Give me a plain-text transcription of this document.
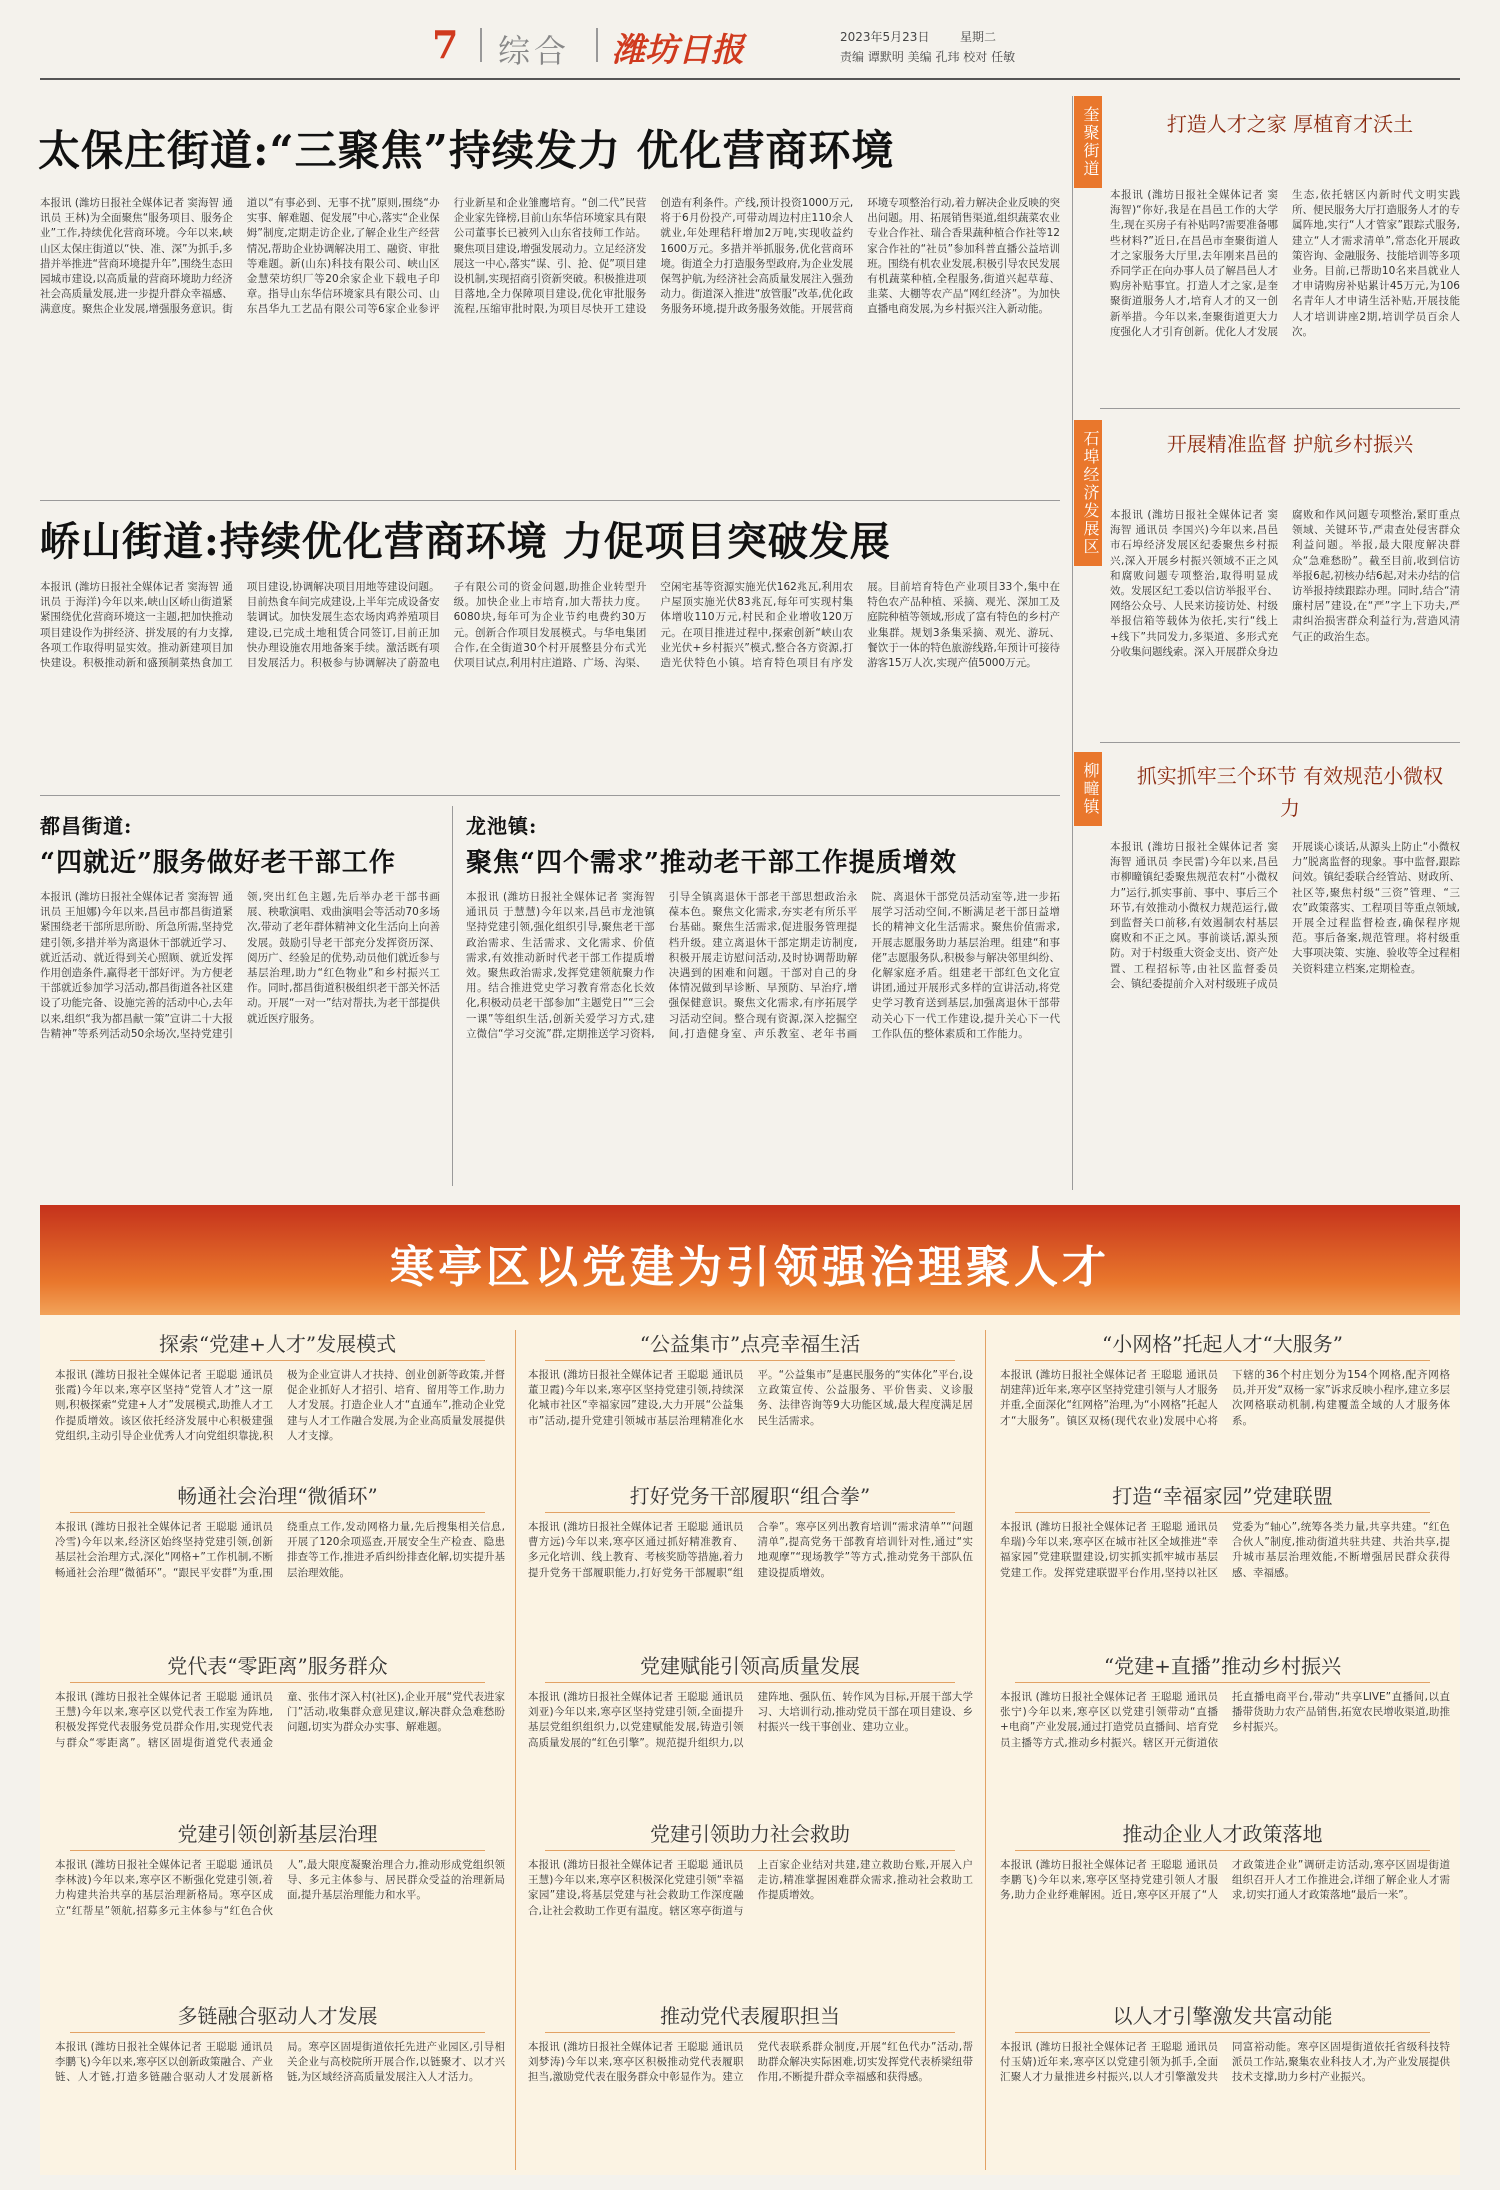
7 综合 潍坊日报	2023年5月23日	星期二
责编 谭默明 美编 孔玮 校对 任敏
太保庄街道:“三聚焦”持续发力 优化营商环境
本报讯 (潍坊日报社全媒体记者 窦海智 通讯员 王林)为全面聚焦“服务项目、服务企业”工作,持续优化营商环境。今年以来,峡山区太保庄街道以“快、准、深”为抓手,多措并举推进“营商环境提升年”,围绕生态田园城市建设,以高质量的营商环境助力经济社会高质量发展,进一步提升群众幸福感、满意度。聚焦企业发展,增强服务意识。街道以“有事必到、无事不扰”原则,围绕“办实事、解难题、促发展”中心,落实“企业保姆”制度,定期走访企业,了解企业生产经营情况,帮助企业协调解决用工、融资、审批等难题。新(山东)科技有限公司、峡山区金慧荣坊织厂等20余家企业下载电子印章。指导山东华信环境家具有限公司、山东昌华九工艺品有限公司等6家企业参评行业新星和企业雏鹰培育。“创二代”民营企业家先锋榜,目前山东华信环境家具有限公司董事长已被列入山东省技师工作站。聚焦项目建设,增强发展动力。立足经济发展这一中心,落实“谋、引、抢、促”项目建设机制,实现招商引资新突破。积极推进项目落地,全力保障项目建设,优化审批服务流程,压缩审批时限,为项目尽快开工建设创造有利条件。产线,预计投资1000万元,将于6月份投产,可带动周边村庄110余人就业,年处理秸秆增加2万吨,实现收益约1600万元。多措并举抓服务,优化营商环境。街道全力打造服务型政府,为企业发展保驾护航,为经济社会高质量发展注入强劲动力。街道深入推进“放管服”改革,优化政务服务环境,提升政务服务效能。开展营商环境专项整治行动,着力解决企业反映的突出问题。用、拓展销售渠道,组织蔬菜农业专业合作社、瑞合香果蔬种植合作社等12家合作社的“社员”参加科普直播公益培训班。围绕有机农业发展,积极引导农民发展有机蔬菜种植,全程服务,街道兴起草莓、韭菜、大棚等农产品“网红经济”。为加快直播电商发展,为乡村振兴注入新动能。
峤山街道:持续优化营商环境 力促项目突破发展
本报讯 (潍坊日报社全媒体记者 窦海智 通讯员 于海洋)今年以来,峡山区峤山街道紧紧围绕优化营商环境这一主题,把加快推动项目建设作为拼经济、拼发展的有力支撑,各项工作取得明显实效。推动新建项目加快建设。积极推动新和盛预制菜热食加工项目建设,协调解决项目用地等建设问题。目前热食车间完成建设,上半年完成设备安装调试。加快发展生态农场肉鸡养殖项目建设,已完成土地租赁合同签订,目前正加快办理设施农用地备案手续。激活既有项目发展活力。积极参与协调解决了蔚盈电子有限公司的资金问题,助推企业转型升级。加快企业上市培育,加大帮扶力度。6080块,每年可为企业节约电费约30万元。创新合作项目发展模式。与华电集团合作,在全街道30个村开展整县分布式光伏项目试点,利用村庄道路、广场、沟渠、空闲宅基等资源实施光伏162兆瓦,利用农户屋顶实施光伏83兆瓦,每年可实现村集体增收110万元,村民和企业增收120万元。在项目推进过程中,探索创新“峡山农业光伏+乡村振兴”模式,整合各方资源,打造光伏特色小镇。培育特色项目有序发展。目前培育特色产业项目33个,集中在特色农产品种植、采摘、观光、深加工及庭院种植等领域,形成了富有特色的乡村产业集群。规划3条集采摘、观光、游玩、餐饮于一体的特色旅游线路,年预计可接待游客15万人次,实现产值5000万元。
都昌街道:
“四就近”服务做好老干部工作
本报讯 (潍坊日报社全媒体记者 窦海智 通讯员 王旭娜)今年以来,昌邑市都昌街道紧紧围绕老干部所思所盼、所急所需,坚持党建引领,多措并举为离退休干部就近学习、就近活动、就近得到关心照顾、就近发挥作用创造条件,赢得老干部好评。为方便老干部就近参加学习活动,都昌街道各社区建设了功能完备、设施完善的活动中心,去年以来,组织“我为都昌献一策”宣讲二十大报告精神”等系列活动50余场次,坚持党建引领,突出红色主题,先后举办老干部书画展、秧歌演唱、戏曲演唱会等活动70多场次,带动了老年群体精神文化生活向上向善发展。鼓励引导老干部充分发挥资历深、阅历广、经验足的优势,动员他们就近参与基层治理,助力“红色物业”和乡村振兴工作。同时,都昌街道积极组织老干部关怀活动。开展“一对一”结对帮扶,为老干部提供就近医疗服务。
龙池镇:
聚焦“四个需求”推动老干部工作提质增效
本报讯 (潍坊日报社全媒体记者 窦海智 通讯员 于慧慧)今年以来,昌邑市龙池镇坚持党建引领,强化组织引导,聚焦老干部政治需求、生活需求、文化需求、价值需求,有效推动新时代老干部工作提质增效。聚焦政治需求,发挥党建领航聚力作用。结合推进党史学习教育常态化长效化,积极动员老干部参加“主题党日”“三会一课”等组织生活,创新关爱学习方式,建立微信“学习交流”群,定期推送学习资料,引导全镇离退休干部老干部思想政治永葆本色。聚焦文化需求,夯实老有所乐平台基础。聚焦生活需求,促进服务管理提档升级。建立离退休干部定期走访制度,积极开展走访慰问活动,及时协调帮助解决遇到的困难和问题。干部对自己的身体情况做到早诊断、早预防、早治疗,增强保健意识。聚焦文化需求,有序拓展学习活动空间。整合现有资源,深入挖掘空间,打造健身室、声乐教室、老年书画院、离退休干部党员活动室等,进一步拓展学习活动空间,不断满足老干部日益增长的精神文化生活需求。聚焦价值需求,开展志愿服务助力基层治理。组建“和事佬”志愿服务队,积极参与解决邻里纠纷、化解家庭矛盾。组建老干部红色文化宣讲团,通过开展形式多样的宣讲活动,将党史学习教育送到基层,加强离退休干部带动关心下一代工作建设,提升关心下一代工作队伍的整体素质和工作能力。
奎聚街道	打造人才之家 厚植育才沃土
本报讯 (潍坊日报社全媒体记者 窦海智)“你好,我是在昌邑工作的大学生,现在买房子有补贴吗?需要准备哪些材料?”近日,在昌邑市奎聚街道人才之家服务大厅里,去年刚来昌邑的乔同学正在向办事人员了解昌邑人才购房补贴事宜。打造人才之家,是奎聚街道服务人才,培育人才的又一创新举措。今年以来,奎聚街道更大力度强化人才引育创新。优化人才发展生态,依托辖区内新时代文明实践所、便民服务大厅打造服务人才的专属阵地,实行“人才管家”跟踪式服务,建立“人才需求清单”,常态化开展政策咨询、金融服务、技能培训等多项业务。目前,已帮助10名来昌就业人才申请购房补贴累计45万元,为106名青年人才申请生活补贴,开展技能人才培训讲座2期,培训学员百余人次。
石埠经济发展区	开展精准监督 护航乡村振兴
本报讯 (潍坊日报社全媒体记者 窦海智 通讯员 李国兴)今年以来,昌邑市石埠经济发展区纪委聚焦乡村振兴,深入开展乡村振兴领域不正之风和腐败问题专项整治,取得明显成效。发展区纪工委以信访举报平台、网络公众号、人民来访接访处、村级举报信箱等载体为依托,实行“线上+线下”共同发力,多渠道、多形式充分收集问题线索。深入开展群众身边腐败和作风问题专项整治,紧盯重点领域、关键环节,严肃查处侵害群众利益问题。举报,最大限度解决群众“急难愁盼”。截至目前,收到信访举报6起,初核办结6起,对未办结的信访举报持续跟踪办理。同时,结合“清廉村居”建设,在“严”字上下功夫,严肃纠治损害群众利益行为,营造风清气正的政治生态。
柳疃镇	抓实抓牢三个环节 有效规范小微权力
本报讯 (潍坊日报社全媒体记者 窦海智 通讯员 李民雷)今年以来,昌邑市柳疃镇纪委聚焦规范农村“小微权力”运行,抓实事前、事中、事后三个环节,有效推动小微权力规范运行,做到监督关口前移,有效遏制农村基层腐败和不正之风。事前谈话,源头预防。对于村级重大资金支出、资产处置、工程招标等,由社区监督委员会、镇纪委提前介入对村级班子成员开展谈心谈话,从源头上防止“小微权力”脱离监督的现象。事中监督,跟踪问效。镇纪委联合经管站、财政所、社区等,聚焦村级“三资”管理、“三农”政策落实、工程项目等重点领域,开展全过程监督检查,确保程序规范。事后备案,规范管理。将村级重大事项决策、实施、验收等全过程相关资料建立档案,定期检查。
寒亭区以党建为引领强治理聚人才
探索“党建+人才”发展模式
本报讯 (潍坊日报社全媒体记者 王聪聪 通讯员 张霞)今年以来,寒亭区坚持“党管人才”这一原则,积极探索“党建+人才”发展模式,助推人才工作提质增效。该区依托经济发展中心积极建强党组织,主动引导企业优秀人才向党组织靠拢,积极为企业宣讲人才扶持、创业创新等政策,并督促企业抓好人才招引、培育、留用等工作,助力人才发展。打造企业人才“直通车”,推动企业党建与人才工作融合发展,为企业高质量发展提供人才支撑。
畅通社会治理“微循环”
本报讯 (潍坊日报社全媒体记者 王聪聪 通讯员 冷雪)今年以来,经济区始终坚持党建引领,创新基层社会治理方式,深化“网格+”工作机制,不断畅通社会治理“微循环”。“跟民平安群”为重,围绕重点工作,发动网格力量,先后搜集相关信息,开展了120余项巡查,开展安全生产检查、隐患排查等工作,推进矛盾纠纷排查化解,切实提升基层治理效能。
党代表“零距离”服务群众
本报讯 (潍坊日报社全媒体记者 王聪聪 通讯员 王慧)今年以来,寒亭区以党代表工作室为阵地,积极发挥党代表服务党员群众作用,实现党代表与群众“零距离”。辖区固堤街道党代表通金童、张伟才深入村(社区),企业开展“党代表进家门”活动,收集群众意见建议,解决群众急难愁盼问题,切实为群众办实事、解难题。
党建引领创新基层治理
本报讯 (潍坊日报社全媒体记者 王聪聪 通讯员 李林波)今年以来,寒亭区不断强化党建引领,着力构建共治共享的基层治理新格局。寒亭区成立“红帮星”领航,招募多元主体参与“红色合伙人”,最大限度凝聚治理合力,推动形成党组织领导、多元主体参与、居民群众受益的治理新局面,提升基层治理能力和水平。
多链融合驱动人才发展
本报讯 (潍坊日报社全媒体记者 王聪聪 通讯员 李鹏飞)今年以来,寒亭区以创新政策融合、产业链、人才链,打造多链融合驱动人才发展新格局。寒亭区固堤街道依托先进产业园区,引导相关企业与高校院所开展合作,以链聚才、以才兴链,为区域经济高质量发展注入人才活力。
“公益集市”点亮幸福生活
本报讯 (潍坊日报社全媒体记者 王聪聪 通讯员 董卫霞)今年以来,寒亭区坚持党建引领,持续深化城市社区“幸福家园”建设,大力开展“公益集市”活动,提升党建引领城市基层治理精准化水平。“公益集市”是惠民服务的“实体化”平台,设立政策宣传、公益服务、平价售卖、义诊服务、法律咨询等9大功能区域,最大程度满足居民生活需求。
打好党务干部履职“组合拳”
本报讯 (潍坊日报社全媒体记者 王聪聪 通讯员 曹方远)今年以来,寒亭区通过抓好精准教育、多元化培训、线上教育、考核奖励等措施,着力提升党务干部履职能力,打好党务干部履职“组合拳”。寒亭区列出教育培训“需求清单”“问题清单”,提高党务干部教育培训针对性,通过“实地观摩”“现场教学”等方式,推动党务干部队伍建设提质增效。
党建赋能引领高质量发展
本报讯 (潍坊日报社全媒体记者 王聪聪 通讯员 刘亚)今年以来,寒亭区坚持党建引领,全面提升基层党组织组织力,以党建赋能发展,铸造引领高质量发展的“红色引擎”。规范提升组织力,以建阵地、强队伍、转作风为目标,开展干部大学习、大培训行动,推动党员干部在项目建设、乡村振兴一线干事创业、建功立业。
党建引领助力社会救助
本报讯 (潍坊日报社全媒体记者 王聪聪 通讯员 王慧)今年以来,寒亭区积极深化党建引领“幸福家园”建设,将基层党建与社会救助工作深度融合,让社会救助工作更有温度。辖区寒亭街道与上百家企业结对共建,建立救助台账,开展入户走访,精准掌握困难群众需求,推动社会救助工作提质增效。
推动党代表履职担当
本报讯 (潍坊日报社全媒体记者 王聪聪 通讯员 刘梦涛)今年以来,寒亭区积极推动党代表履职担当,激励党代表在服务群众中彰显作为。建立党代表联系群众制度,开展“红色代办”活动,帮助群众解决实际困难,切实发挥党代表桥梁纽带作用,不断提升群众幸福感和获得感。
“小网格”托起人才“大服务”
本报讯 (潍坊日报社全媒体记者 王聪聪 通讯员 胡建萍)近年来,寒亭区坚持党建引领与人才服务并重,全面深化“红网格”治理,为“小网格”托起人才“大服务”。镇区双杨(现代农业)发展中心将下辖的36个村庄划分为154个网格,配齐网格员,并开发“双杨一家”诉求反映小程序,建立多层次网格联动机制,构建覆盖全域的人才服务体系。
打造“幸福家园”党建联盟
本报讯 (潍坊日报社全媒体记者 王聪聪 通讯员 牟瑞)今年以来,寒亭区在城市社区全域推进“幸福家园”党建联盟建设,切实抓实抓牢城市基层党建工作。发挥党建联盟平台作用,坚持以社区党委为“轴心”,统筹各类力量,共享共建。“红色合伙人”制度,推动街道共驻共建、共治共享,提升城市基层治理效能,不断增强居民群众获得感、幸福感。
“党建+直播”推动乡村振兴
本报讯 (潍坊日报社全媒体记者 王聪聪 通讯员 张宁)今年以来,寒亭区以党建引领带动“直播+电商”产业发展,通过打造党员直播间、培育党员主播等方式,推动乡村振兴。辖区开元街道依托直播电商平台,带动“共享LIVE”直播间,以直播带货助力农产品销售,拓宽农民增收渠道,助推乡村振兴。
推动企业人才政策落地
本报讯 (潍坊日报社全媒体记者 王聪聪 通讯员 李鹏飞)今年以来,寒亭区坚持党建引领人才服务,助力企业纾难解困。近日,寒亭区开展了“人才政策进企业”调研走访活动,寒亭区固堤街道组织召开人才工作推进会,详细了解企业人才需求,切实打通人才政策落地“最后一米”。
以人才引擎激发共富动能
本报讯 (潍坊日报社全媒体记者 王聪聪 通讯员 付玉婧)近年来,寒亭区以党建引领为抓手,全面汇聚人才力量推进乡村振兴,以人才引擎激发共同富裕动能。寒亭区固堤街道依托省级科技特派员工作站,聚集农业科技人才,为产业发展提供技术支撑,助力乡村产业振兴。
